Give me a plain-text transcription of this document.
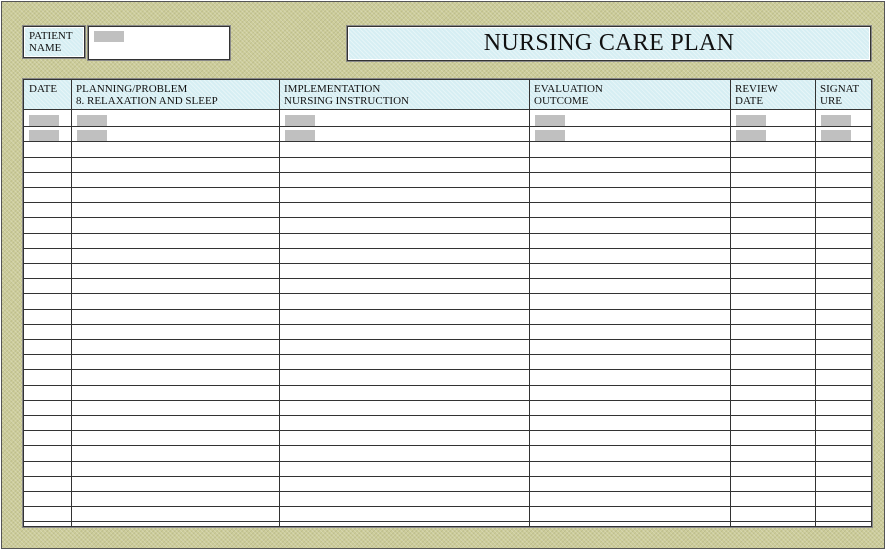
PATIENT
NAME	NURSING CARE PLAN
DATE	PLANNING/PROBLEM
8. RELAXATION AND SLEEP
IMPLEMENTATION
NURSING INSTRUCTION
EVALUATION
OUTCOME
REVIEW
DATE
SIGNAT
URE
